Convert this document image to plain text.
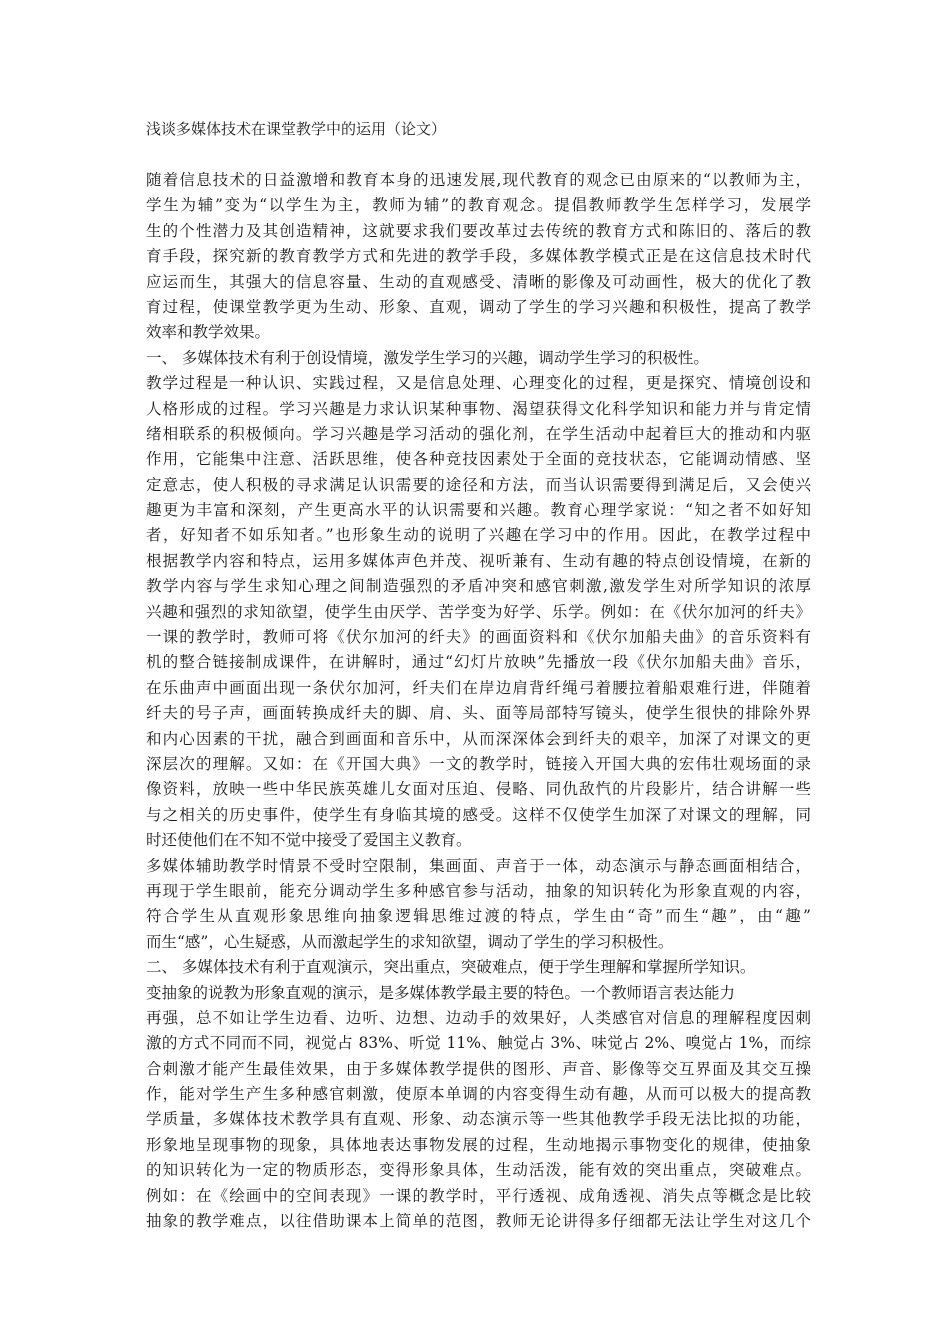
浅谈多媒体技术在课堂教学中的运用（论文）
随着信息技术的日益激增和教育本身的迅速发展,现代教育的观念已由原来的“以教师为主，
学生为辅”变为“以学生为主，教师为辅”的教育观念。提倡教师教学生怎样学习，发展学
生的个性潜力及其创造精神，这就要求我们要改革过去传统的教育方式和陈旧的、落后的教
育手段，探究新的教育教学方式和先进的教学手段，多媒体教学模式正是在这信息技术时代
应运而生，其强大的信息容量、生动的直观感受、清晰的影像及可动画性，极大的优化了教
育过程，使课堂教学更为生动、形象、直观，调动了学生的学习兴趣和积极性，提高了教学
效率和教学效果。
一、 多媒体技术有利于创设情境，激发学生学习的兴趣，调动学生学习的积极性。
教学过程是一种认识、实践过程，又是信息处理、心理变化的过程，更是探究、情境创设和
人格形成的过程。学习兴趣是力求认识某种事物、渴望获得文化科学知识和能力并与肯定情
绪相联系的积极倾向。学习兴趣是学习活动的强化剂，在学生活动中起着巨大的推动和内驱
作用，它能集中注意、活跃思维，使各种竞技因素处于全面的竞技状态，它能调动情感、坚
定意志，使人积极的寻求满足认识需要的途径和方法，而当认识需要得到满足后，又会使兴
趣更为丰富和深刻，产生更高水平的认识需要和兴趣。教育心理学家说：“知之者不如好知
者，好知者不如乐知者。”也形象生动的说明了兴趣在学习中的作用。因此，在教学过程中
根据教学内容和特点，运用多媒体声色并茂、视听兼有、生动有趣的特点创设情境，在新的
教学内容与学生求知心理之间制造强烈的矛盾冲突和感官刺激,激发学生对所学知识的浓厚
兴趣和强烈的求知欲望，使学生由厌学、苦学变为好学、乐学。例如：在《伏尔加河的纤夫》
一课的教学时，教师可将《伏尔加河的纤夫》的画面资料和《伏尔加船夫曲》的音乐资料有
机的整合链接制成课件，在讲解时，通过“幻灯片放映”先播放一段《伏尔加船夫曲》音乐，
在乐曲声中画面出现一条伏尔加河，纤夫们在岸边肩背纤绳弓着腰拉着船艰难行进，伴随着
纤夫的号子声，画面转换成纤夫的脚、肩、头、面等局部特写镜头，使学生很快的排除外界
和内心因素的干扰，融合到画面和音乐中，从而深深体会到纤夫的艰辛，加深了对课文的更
深层次的理解。又如：在《开国大典》一文的教学时，链接入开国大典的宏伟壮观场面的录
像资料，放映一些中华民族英雄儿女面对压迫、侵略、同仇敌忾的片段影片，结合讲解一些
与之相关的历史事件，使学生有身临其境的感受。这样不仅使学生加深了对课文的理解，同
时还使他们在不知不觉中接受了爱国主义教育。
多媒体辅助教学时情景不受时空限制，集画面、声音于一体，动态演示与静态画面相结合，
再现于学生眼前，能充分调动学生多种感官参与活动，抽象的知识转化为形象直观的内容，
符合学生从直观形象思维向抽象逻辑思维过渡的特点，学生由“奇”而生“趣”，由“趣”
而生“感”，心生疑惑，从而激起学生的求知欲望，调动了学生的学习积极性。
二、 多媒体技术有利于直观演示，突出重点，突破难点，便于学生理解和掌握所学知识。
变抽象的说教为形象直观的演示，是多媒体教学最主要的特色。一个教师语言表达能力
再强，总不如让学生边看、边听、边想、边动手的效果好，人类感官对信息的理解程度因刺
激的方式不同而不同，视觉占 83%、听觉 11%、触觉占 3%、味觉占 2%、嗅觉占 1%，而综
合刺激才能产生最佳效果，由于多媒体教学提供的图形、声音、影像等交互界面及其交互操
作，能对学生产生多种感官刺激，使原本单调的内容变得生动有趣，从而可以极大的提高教
学质量，多媒体技术教学具有直观、形象、动态演示等一些其他教学手段无法比拟的功能，
形象地呈现事物的现象，具体地表达事物发展的过程，生动地揭示事物变化的规律，使抽象
的知识转化为一定的物质形态，变得形象具体，生动活泼，能有效的突出重点，突破难点。
例如：在《绘画中的空间表现》一课的教学时，平行透视、成角透视、消失点等概念是比较
抽象的教学难点，以往借助课本上简单的范图，教师无论讲得多仔细都无法让学生对这几个
